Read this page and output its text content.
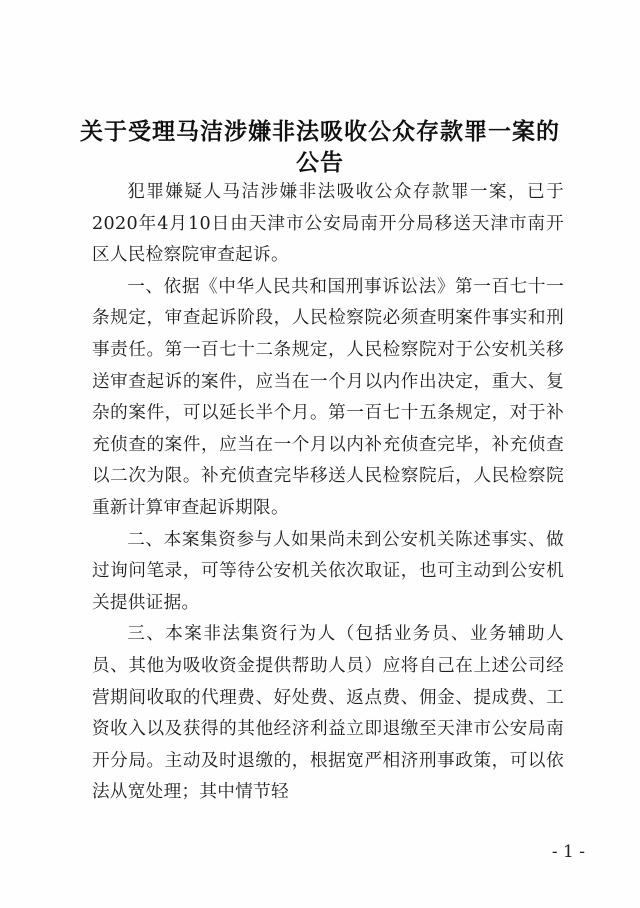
关于受理马洁涉嫌非法吸收公众存款罪一案的
公告

犯罪嫌疑人马洁涉嫌非法吸收公众存款罪一案，已于2020年4月10日由天津市公安局南开分局移送天津市南开区人民检察院审查起诉。

一、依据《中华人民共和国刑事诉讼法》第一百七十一条规定，审查起诉阶段，人民检察院必须查明案件事实和刑事责任。第一百七十二条规定，人民检察院对于公安机关移送审查起诉的案件，应当在一个月以内作出决定，重大、复杂的案件，可以延长半个月。第一百七十五条规定，对于补充侦查的案件，应当在一个月以内补充侦查完毕，补充侦查以二次为限。补充侦查完毕移送人民检察院后，人民检察院重新计算审查起诉期限。

二、本案集资参与人如果尚未到公安机关陈述事实、做过询问笔录，可等待公安机关依次取证，也可主动到公安机关提供证据。

三、本案非法集资行为人（包括业务员、业务辅助人员、其他为吸收资金提供帮助人员）应将自己在上述公司经营期间收取的代理费、好处费、返点费、佣金、提成费、工资收入以及获得的其他经济利益立即退缴至天津市公安局南开分局。主动及时退缴的，根据宽严相济刑事政策，可以依法从宽处理；其中情节轻

- 1 -
